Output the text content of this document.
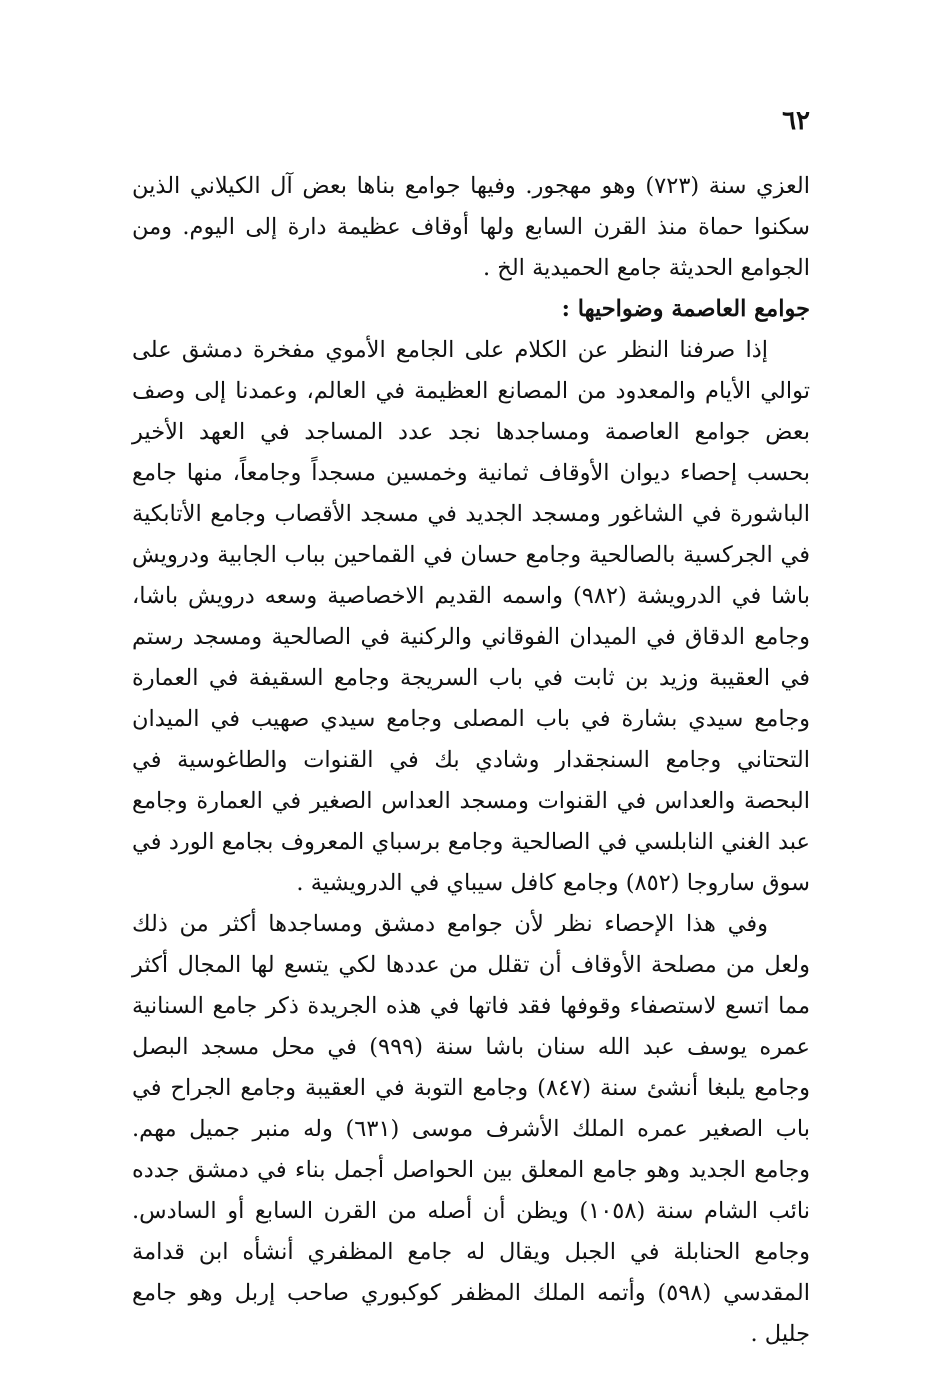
٦٢

العزي سنة (٧٢٣) وهو مهجور. وفيها جوامع بناها بعض آل الكيلاني الذين سكنوا حماة منذ القرن السابع ولها أوقاف عظيمة دارة إلى اليوم. ومن الجوامع الحديثة جامع الحميدية الخ .

جوامع العاصمة وضواحيها :

إذا صرفنا النظر عن الكلام على الجامع الأموي مفخرة دمشق على توالي الأيام والمعدود من المصانع العظيمة في العالم، وعمدنا إلى وصف بعض جوامع العاصمة ومساجدها نجد عدد المساجد في العهد الأخير بحسب إحصاء ديوان الأوقاف ثمانية وخمسين مسجداً وجامعاً، منها جامع الباشورة في الشاغور ومسجد الجديد في مسجد الأقصاب وجامع الأتابكية في الجركسية بالصالحية وجامع حسان في القماحين بباب الجابية ودرويش باشا في الدرويشة (٩٨٢) واسمه القديم الاخصاصية وسعه درويش باشا، وجامع الدقاق في الميدان الفوقاني والركنية في الصالحية ومسجد رستم في العقيبة وزيد بن ثابت في باب السريجة وجامع السقيفة في العمارة وجامع سيدي بشارة في باب المصلى وجامع سيدي صهيب في الميدان التحتاني وجامع السنجقدار وشادي بك في القنوات والطاغوسية في البحصة والعداس في القنوات ومسجد العداس الصغير في العمارة وجامع عبد الغني النابلسي في الصالحية وجامع برسباي المعروف بجامع الورد في سوق ساروجا (٨٥٢) وجامع كافل سيباي في الدرويشية .

وفي هذا الإحصاء نظر لأن جوامع دمشق ومساجدها أكثر من ذلك ولعل من مصلحة الأوقاف أن تقلل من عددها لكي يتسع لها المجال أكثر مما اتسع لاستصفاء وقوفها فقد فاتها في هذه الجريدة ذكر جامع السنانية عمره يوسف عبد الله سنان باشا سنة (٩٩٩) في محل مسجد البصل وجامع يلبغا أنشئ سنة (٨٤٧) وجامع التوبة في العقيبة وجامع الجراح في باب الصغير عمره الملك الأشرف موسى (٦٣١) وله منبر جميل مهم. وجامع الجديد وهو جامع المعلق بين الحواصل أجمل بناء في دمشق جدده نائب الشام سنة (١٠٥٨) ويظن أن أصله من القرن السابع أو السادس. وجامع الحنابلة في الجبل ويقال له جامع المظفري أنشأه ابن قدامة المقدسي (٥٩٨) وأتمه الملك المظفر كوكبوري صاحب إربل وهو جامع جليل .
